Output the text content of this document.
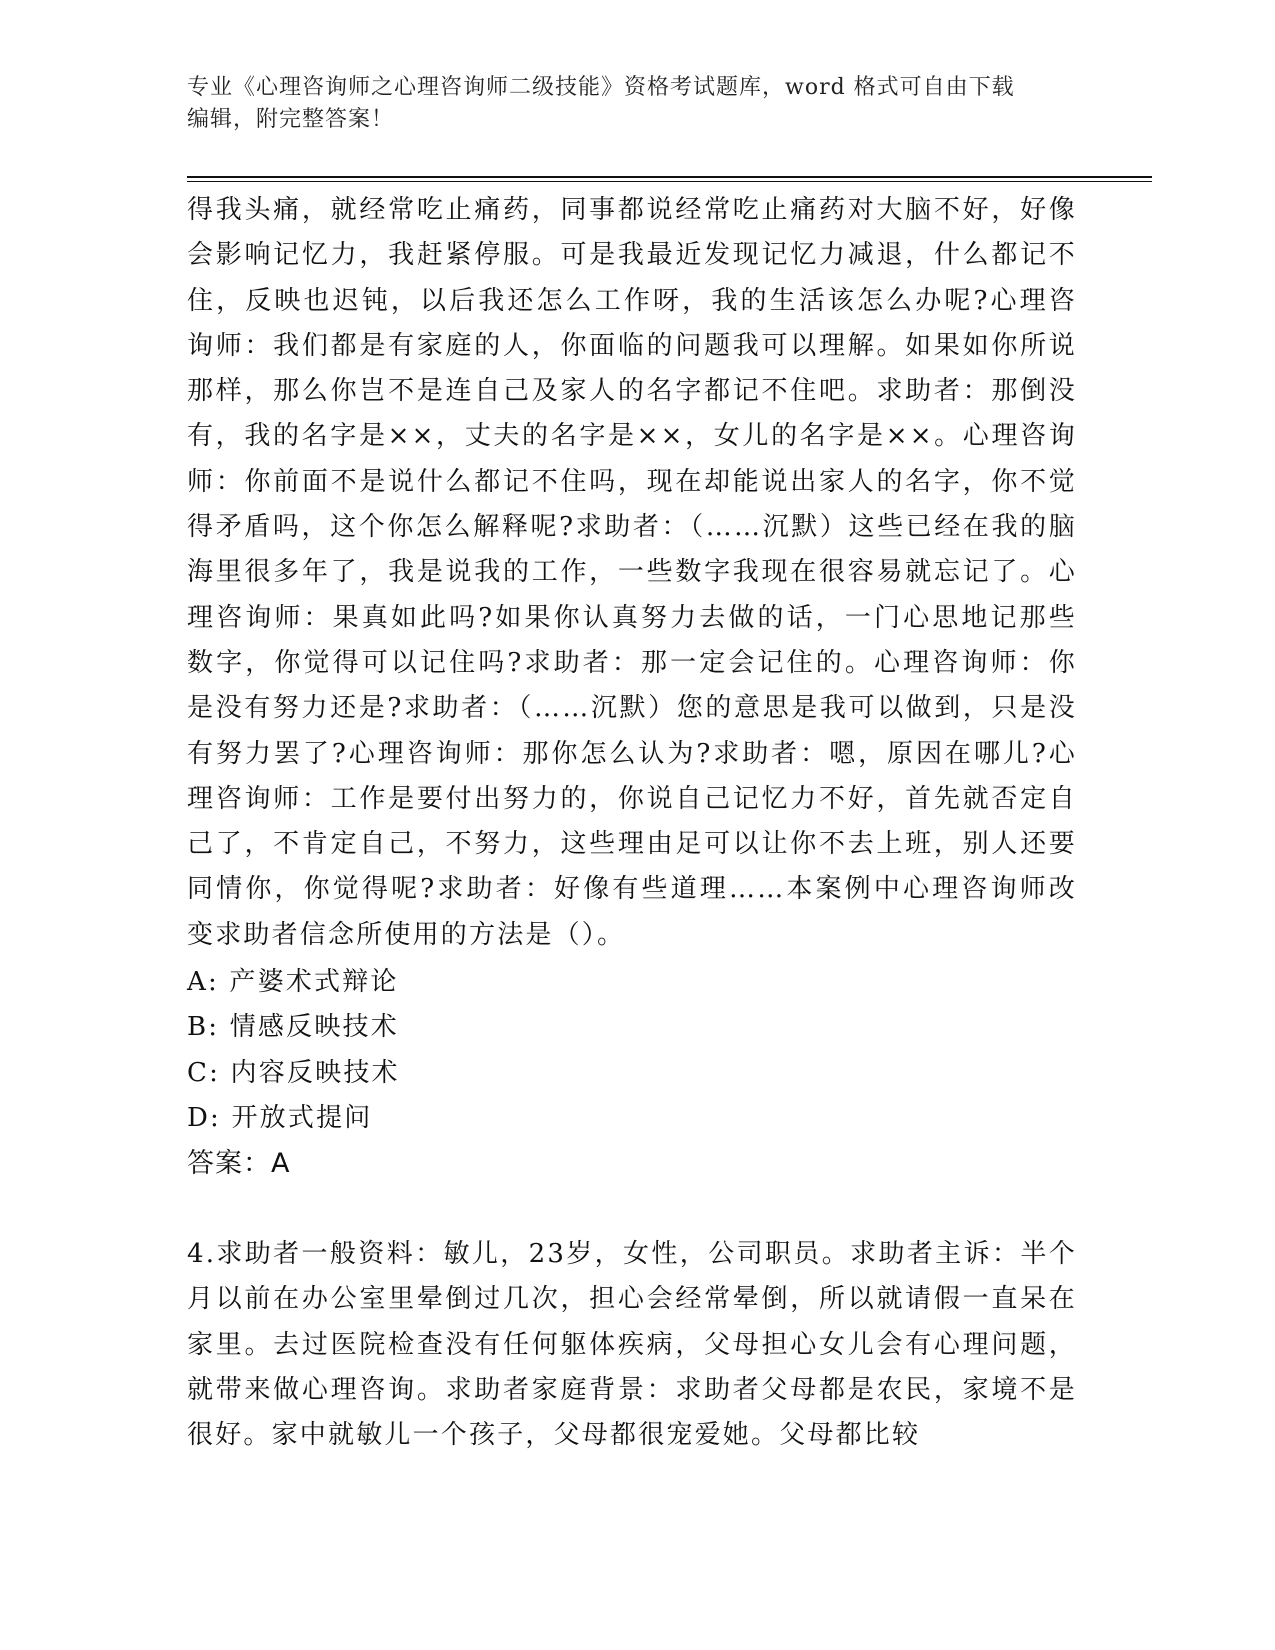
专业《心理咨询师之心理咨询师二级技能》资格考试题库，word 格式可自由下载
编辑，附完整答案！

得我头痛，就经常吃止痛药，同事都说经常吃止痛药对大脑不好，好像会影响记忆力，我赶紧停服。可是我最近发现记忆力减退，什么都记不住，反映也迟钝，以后我还怎么工作呀，我的生活该怎么办呢?心理咨询师：我们都是有家庭的人，你面临的问题我可以理解。如果如你所说那样，那么你岂不是连自己及家人的名字都记不住吧。求助者：那倒没有，我的名字是××，丈夫的名字是××，女儿的名字是××。心理咨询师：你前面不是说什么都记不住吗，现在却能说出家人的名字，你不觉得矛盾吗，这个你怎么解释呢?求助者：（……沉默）这些已经在我的脑海里很多年了，我是说我的工作，一些数字我现在很容易就忘记了。心理咨询师：果真如此吗?如果你认真努力去做的话，一门心思地记那些数字，你觉得可以记住吗?求助者：那一定会记住的。心理咨询师：你是没有努力还是?求助者：（……沉默）您的意思是我可以做到，只是没有努力罢了?心理咨询师：那你怎么认为?求助者：嗯，原因在哪儿?心理咨询师：工作是要付出努力的，你说自己记忆力不好，首先就否定自己了，不肯定自己，不努力，这些理由足可以让你不去上班，别人还要同情你，你觉得呢?求助者：好像有些道理……本案例中心理咨询师改变求助者信念所使用的方法是（）。

A: 产婆术式辩论
B: 情感反映技术
C: 内容反映技术
D: 开放式提问
答案：A

4.求助者一般资料：敏儿，23岁，女性，公司职员。求助者主诉：半个月以前在办公室里晕倒过几次，担心会经常晕倒，所以就请假一直呆在家里。去过医院检查没有任何躯体疾病，父母担心女儿会有心理问题，就带来做心理咨询。求助者家庭背景：求助者父母都是农民，家境不是很好。家中就敏儿一个孩子，父母都很宠爱她。父母都比较
